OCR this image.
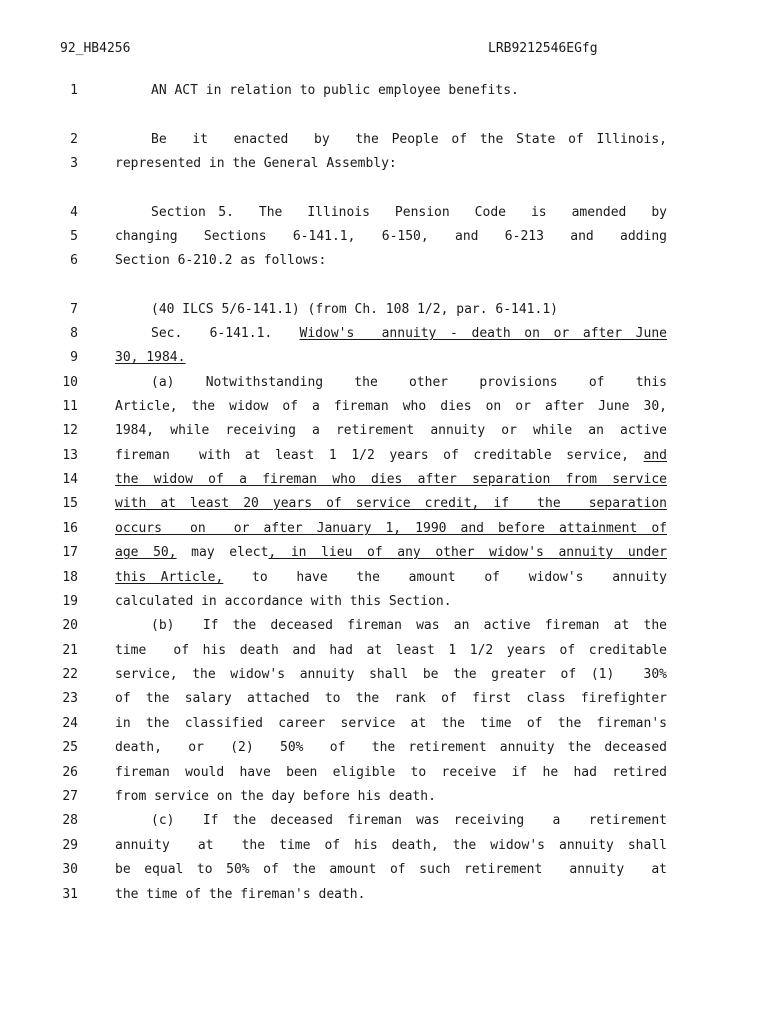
92_HB4256	LRB9212546EGfg
1	AN ACT in relation to public employee benefits.
2	Be  it  enacted  by  the People of the State of Illinois,
3	represented in the General Assembly:
4	Section 5.  The  Illinois  Pension  Code  is  amended  by
5	changing  Sections  6-141.1,  6-150,  and  6-213  and  adding
6	Section 6-210.2 as follows:
7	(40 ILCS 5/6-141.1) (from Ch. 108 1/2, par. 6-141.1)
8	Sec.  6-141.1.  Widow's  annuity - death on or after June
9	30, 1984.
10	(a)  Notwithstanding  the  other  provisions  of  this
11	Article, the widow of a fireman who dies on or after June 30,
12	1984, while receiving a retirement annuity or while an active
13	fireman  with at least 1 1/2 years of creditable service, and
14	the widow of a fireman who dies after separation from service
15	with at least 20 years of service credit, if  the  separation
16	occurs  on  or after January 1, 1990 and before attainment of
17	age 50, may elect, in lieu of any other widow's annuity under
18	this Article,  to  have  the  amount  of  widow's  annuity
19	calculated in accordance with this Section.
20	(b)  If the deceased fireman was an active fireman at the
21	time  of his death and had at least 1 1/2 years of creditable
22	service, the widow's annuity shall be the greater of (1)  30%
23	of the salary attached to the rank of first class firefighter
24	in the classified career service at the time of the fireman's
25	death,  or  (2)  50%  of  the retirement annuity the deceased
26	fireman would have been eligible to receive if he had retired
27	from service on the day before his death.
28	(c)  If the deceased fireman was receiving  a  retirement
29	annuity  at  the time of his death, the widow's annuity shall
30	be equal to 50% of the amount of such retirement  annuity  at
31	the time of the fireman's death.
